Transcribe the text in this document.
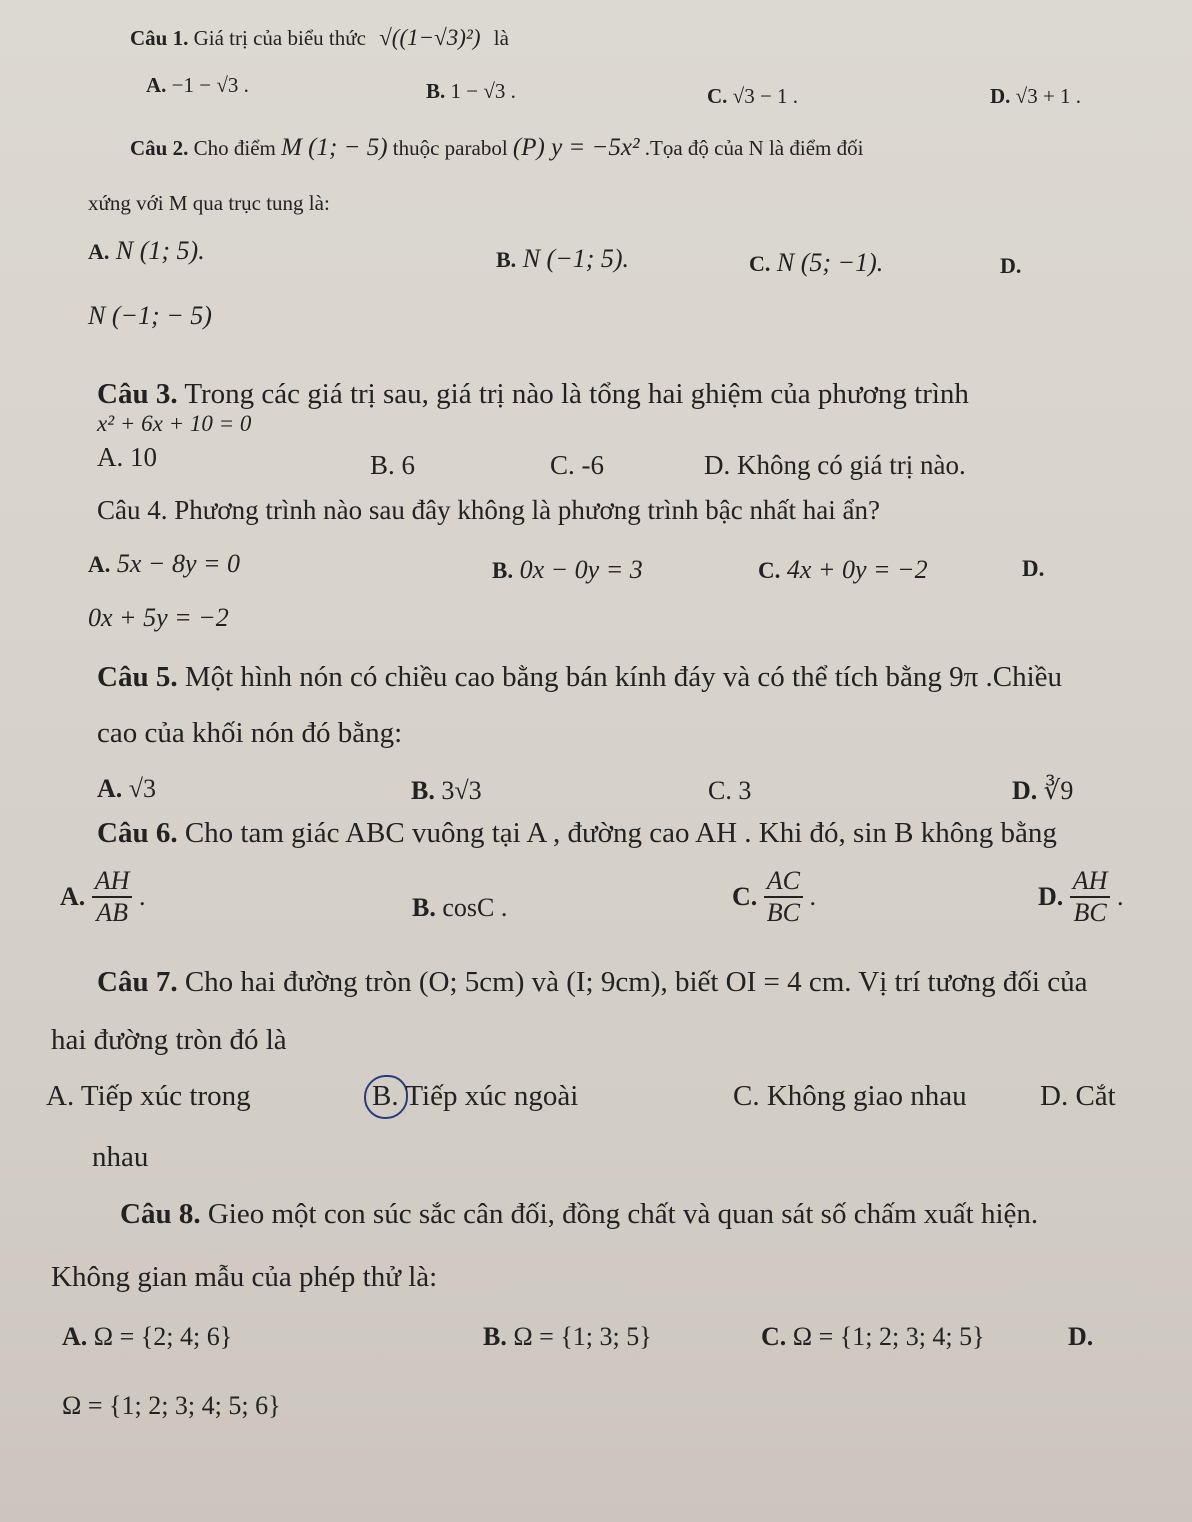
Câu 1. Giá trị của biểu thức √((1−√3)²) là
A. −1 − √3 .	B. 1 − √3 .	C. √3 − 1 .	D. √3 + 1 .
Câu 2. Cho điểm M (1; − 5) thuộc parabol (P) y = −5x² .Tọa độ của N là điểm đối
xứng với M qua trục tung là:
A. N (1; 5).	B. N (−1; 5).	C. N (5; −1).	D.
N (−1; − 5)
Câu 3. Trong các giá trị sau, giá trị nào là tổng hai ghiệm của phương trình
x² + 6x + 10 = 0
A. 10	B. 6	C. -6	D. Không có giá trị nào.
Câu 4. Phương trình nào sau đây không là phương trình bậc nhất hai ẩn?
A. 5x − 8y = 0	B. 0x − 0y = 3	C. 4x + 0y = −2	D.
0x + 5y = −2
Câu 5. Một hình nón có chiều cao bằng bán kính đáy và có thể tích bằng 9π .Chiều
cao của khối nón đó bằng:
A. √3	B. 3√3	C. 3	D. ∛9
Câu 6. Cho tam giác ABC vuông tại A , đường cao AH . Khi đó, sin B không bằng
A. $\frac{AH}{AB}$ .	B. cosC .	C. $\frac{AC}{BC}$ .	D. $\frac{AH}{BC}$ .
Câu 7. Cho hai đường tròn (O; 5cm) và (I; 9cm), biết OI = 4 cm. Vị trí tương đối của
hai đường tròn đó là
A. Tiếp xúc trong	B. Tiếp xúc ngoài	C. Không giao nhau	D. Cắt
nhau
Câu 8. Gieo một con súc sắc cân đối, đồng chất và quan sát số chấm xuất hiện.
Không gian mẫu của phép thử là:
A. Ω = {2; 4; 6}	B. Ω = {1; 3; 5}	C. Ω = {1; 2; 3; 4; 5}	D.
Ω = {1; 2; 3; 4; 5; 6}
